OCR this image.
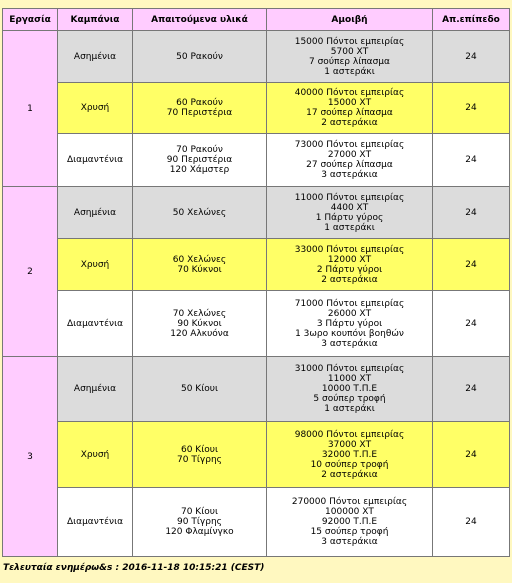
Εργασία	Καμπάνια	Απαιτούμενα υλικά	Αμοιβή	Απ.επίπεδο
1	Ασημένια	50 Ρακούν	15000 Πόντοι εμπειρίας
5700 ΧΤ
7 σούπερ λίπασμα
1 αστεράκι	24
	Χρυσή	60 Ρακούν
70 Περιστέρια	40000 Πόντοι εμπειρίας
15000 ΧΤ
17 σούπερ λίπασμα
2 αστεράκια	24
	Διαμαντένια	70 Ρακούν
90 Περιστέρια
120 Χάμστερ	73000 Πόντοι εμπειρίας
27000 ΧΤ
27 σούπερ λίπασμα
3 αστεράκια	24
2	Ασημένια	50 Χελώνες	11000 Πόντοι εμπειρίας
4400 ΧΤ
1 Πάρτυ γύρος
1 αστεράκι	24
	Χρυσή	60 Χελώνες
70 Κύκνοι	33000 Πόντοι εμπειρίας
12000 ΧΤ
2 Πάρτυ γύροι
2 αστεράκια	24
	Διαμαντένια	70 Χελώνες
90 Κύκνοι
120 Αλκυόνα	71000 Πόντοι εμπειρίας
26000 ΧΤ
3 Πάρτυ γύροι
1 3ωρο κουπόνι βοηθών
3 αστεράκια	24
3	Ασημένια	50 Κίουι	31000 Πόντοι εμπειρίας
11000 ΧΤ
10000 Τ.Π.Ε
5 σούπερ τροφή
1 αστεράκι	24
	Χρυσή	60 Κίουι
70 Τίγρης	98000 Πόντοι εμπειρίας
37000 ΧΤ
32000 Τ.Π.Ε
10 σούπερ τροφή
2 αστεράκια	24
	Διαμαντένια	70 Κίουι
90 Τίγρης
120 Φλαμίνγκο	270000 Πόντοι εμπειρίας
100000 ΧΤ
92000 Τ.Π.Ε
15 σούπερ τροφή
3 αστεράκια	24
Τελευταία ενημέρω&s : 2016-11-18 10:15:21 (CEST)
